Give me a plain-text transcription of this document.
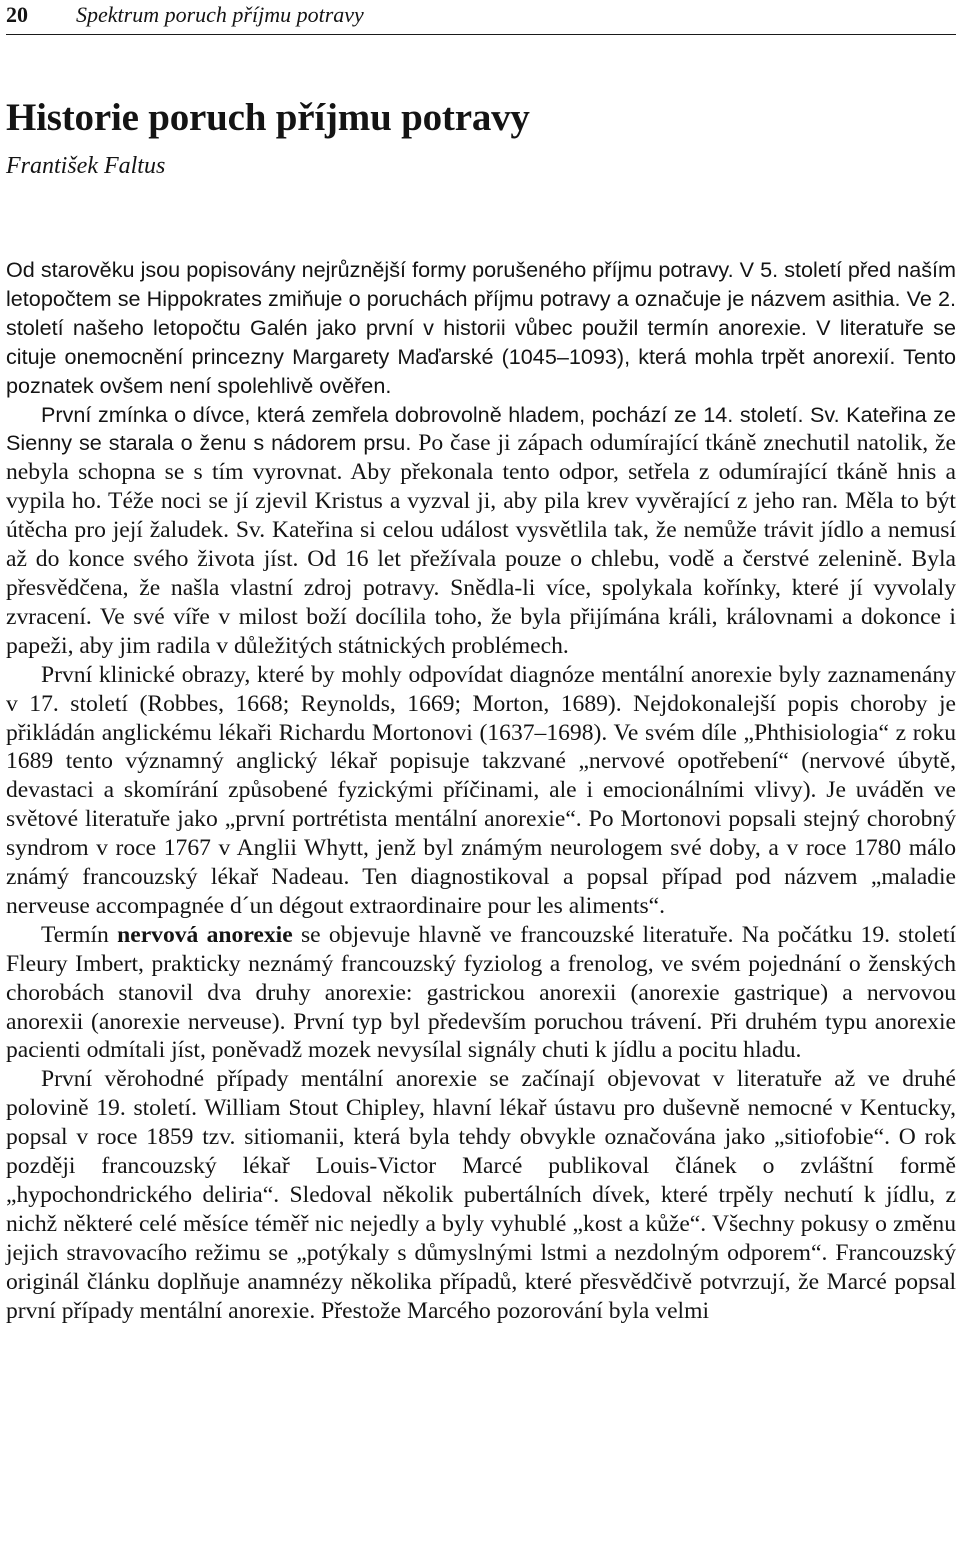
20 Spektrum poruch příjmu potravy
Historie poruch příjmu potravy

František Faltus

Od starověku jsou popisovány nejrůznější formy porušeného příjmu potravy. V 5. století před naším letopočtem se Hippokrates zmiňuje o poruchách příjmu potravy a označuje je názvem asithia. Ve 2. století našeho letopočtu Galén jako první v historii vůbec použil termín anorexie. V literatuře se cituje onemocnění princezny Margarety Maďarské (1045–1093), která mohla trpět anorexií. Tento poznatek ovšem není spolehlivě ověřen.

První zmínka o dívce, která zemřela dobrovolně hladem, pochází ze 14. století. Sv. Kateřina ze Sienny se starala o ženu s nádorem prsu. Po čase ji zápach odumírající tkáně znechutil natolik, že nebyla schopna se s tím vyrovnat. Aby překonala tento odpor, setřela z odumírající tkáně hnis a vypila ho. Téže noci se jí zjevil Kristus a vyzval ji, aby pila krev vyvěrající z jeho ran. Měla to být útěcha pro její žaludek. Sv. Kateřina si celou událost vysvětlila tak, že nemůže trávit jídlo a nemusí až do konce svého života jíst. Od 16 let přežívala pouze o chlebu, vodě a čerstvé zelenině. Byla přesvědčena, že našla vlastní zdroj potravy. Snědla-li více, spolykala kořínky, které jí vyvolaly zvracení. Ve své víře v milost boží docílila toho, že byla přijímána králi, královnami a dokonce i papeži, aby jim radila v důležitých státnických problémech.

První klinické obrazy, které by mohly odpovídat diagnóze mentální anorexie byly zaznamenány v 17. století (Robbes, 1668; Reynolds, 1669; Morton, 1689). Nejdokonalejší popis choroby je přikládán anglickému lékaři Richardu Mortonovi (1637–1698). Ve svém díle „Phthisiologia“ z roku 1689 tento významný anglický lékař popisuje takzvané „nervové opotřebení“ (nervové úbytě, devastaci a skomírání způsobené fyzickými příčinami, ale i emocionálními vlivy). Je uváděn ve světové literatuře jako „první portrétista mentální anorexie“. Po Mortonovi popsali stejný chorobný syndrom v roce 1767 v Anglii Whytt, jenž byl známým neurologem své doby, a v roce 1780 málo známý francouzský lékař Nadeau. Ten diagnostikoval a popsal případ pod názvem „maladie nerveuse accompagnée d´un dégout extraordinaire pour les aliments“.

Termín nervová anorexie se objevuje hlavně ve francouzské literatuře. Na počátku 19. století Fleury Imbert, prakticky neznámý francouzský fyziolog a frenolog, ve svém pojednání o ženských chorobách stanovil dva druhy anorexie: gastrickou anorexii (anorexie gastrique) a nervovou anorexii (anorexie nerveuse). První typ byl především poruchou trávení. Při druhém typu anorexie pacienti odmítali jíst, poněvadž mozek nevysílal signály chuti k jídlu a pocitu hladu.

První věrohodné případy mentální anorexie se začínají objevovat v literatuře až ve druhé polovině 19. století. William Stout Chipley, hlavní lékař ústavu pro duševně nemocné v Kentucky, popsal v roce 1859 tzv. sitiomanii, která byla tehdy obvykle označována jako „sitiofobie“. O rok později francouzský lékař Louis-Victor Marcé publikoval článek o zvláštní formě „hypochondrického deliria“. Sledoval několik pubertálních dívek, které trpěly nechutí k jídlu, z nichž některé celé měsíce téměř nic nejedly a byly vyhublé „kost a kůže“. Všechny pokusy o změnu jejich stravovacího režimu se „potýkaly s důmyslnými lstmi a nezdolným odporem“. Francouzský originál článku doplňuje anamnézy několika případů, které přesvědčivě potvrzují, že Marcé popsal první případy mentální anorexie. Přestože Marcého pozorování byla velmi
